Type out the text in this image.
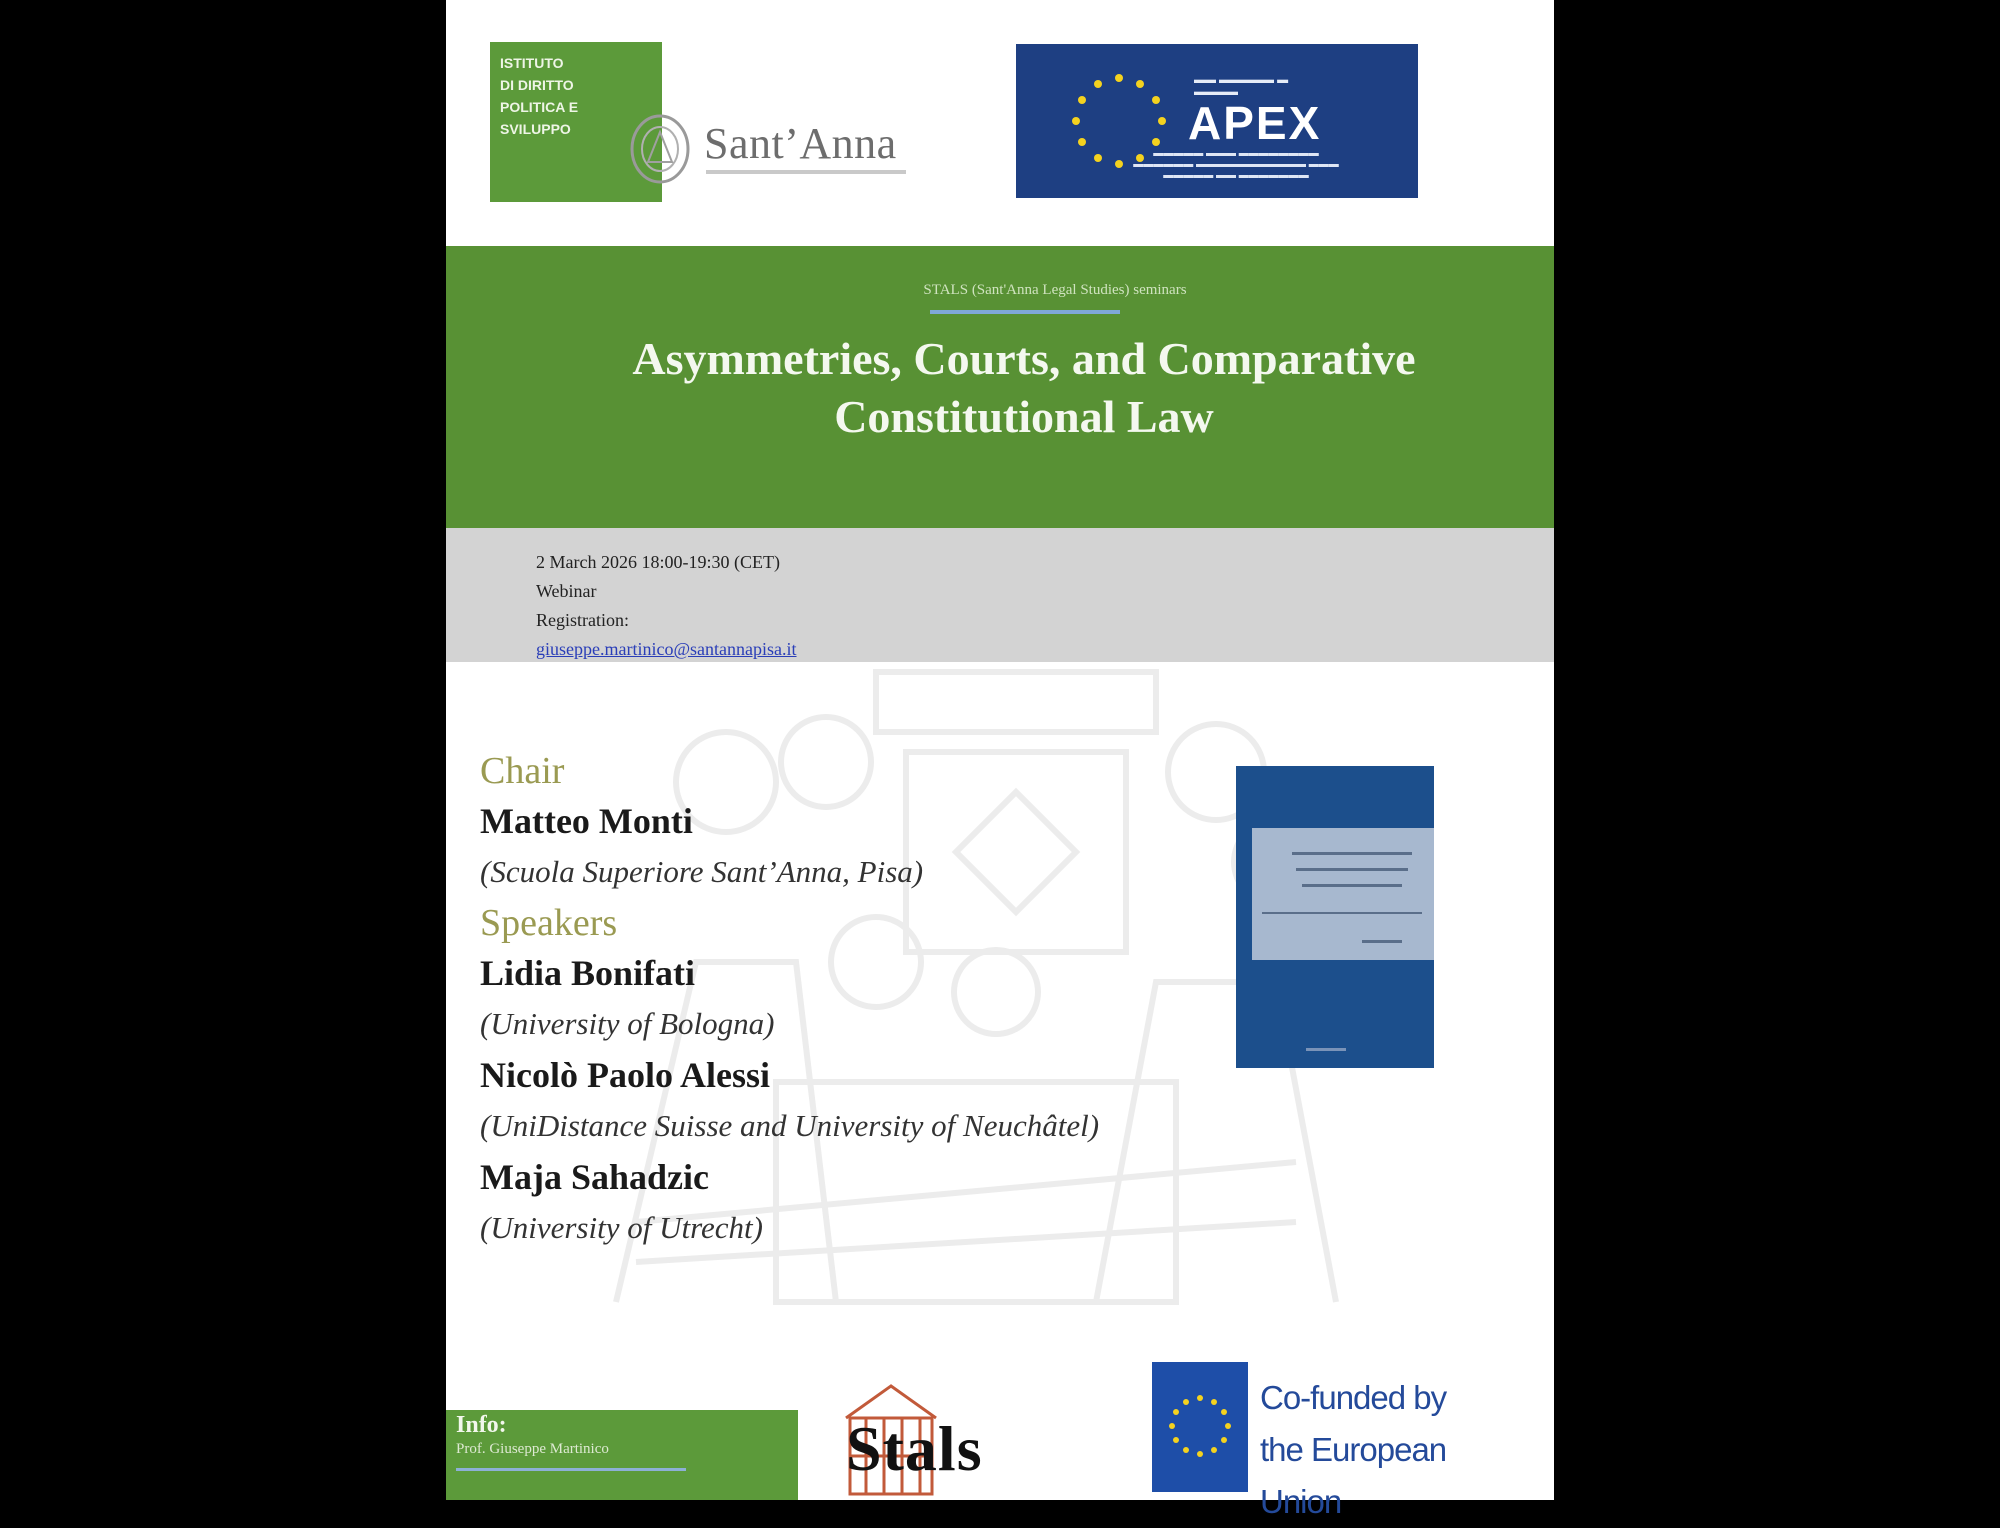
ISTITUTO
DI DIRITTO
POLITICA E
SVILUPPO	Sant’Anna
▬▬ ▬▬▬▬▬ ▬
▬▬▬▬
APEX
▬▬▬▬▬ ▬▬▬ ▬▬▬▬▬▬▬▬
▬▬▬▬▬▬ ▬▬▬▬▬▬▬▬▬▬▬ ▬▬▬
▬▬▬▬▬ ▬▬ ▬▬▬▬▬▬▬
STALS (Sant'Anna Legal Studies) seminars
Asymmetries, Courts, and Comparative Constitutional Law
2 March 2026 18:00-19:30 (CET)
Webinar
Registration:
giuseppe.martinico@santannapisa.it
Chair
Matteo Monti
(Scuola Superiore Sant’Anna, Pisa)
Speakers
Lidia Bonifati
(University of Bologna)
Nicolò Paolo Alessi
(UniDistance Suisse and University of Neuchâtel)
Maja Sahadzic
(University of Utrecht)
Info:
Prof. Giuseppe Martinico	Stals
Co-funded by the European Union
